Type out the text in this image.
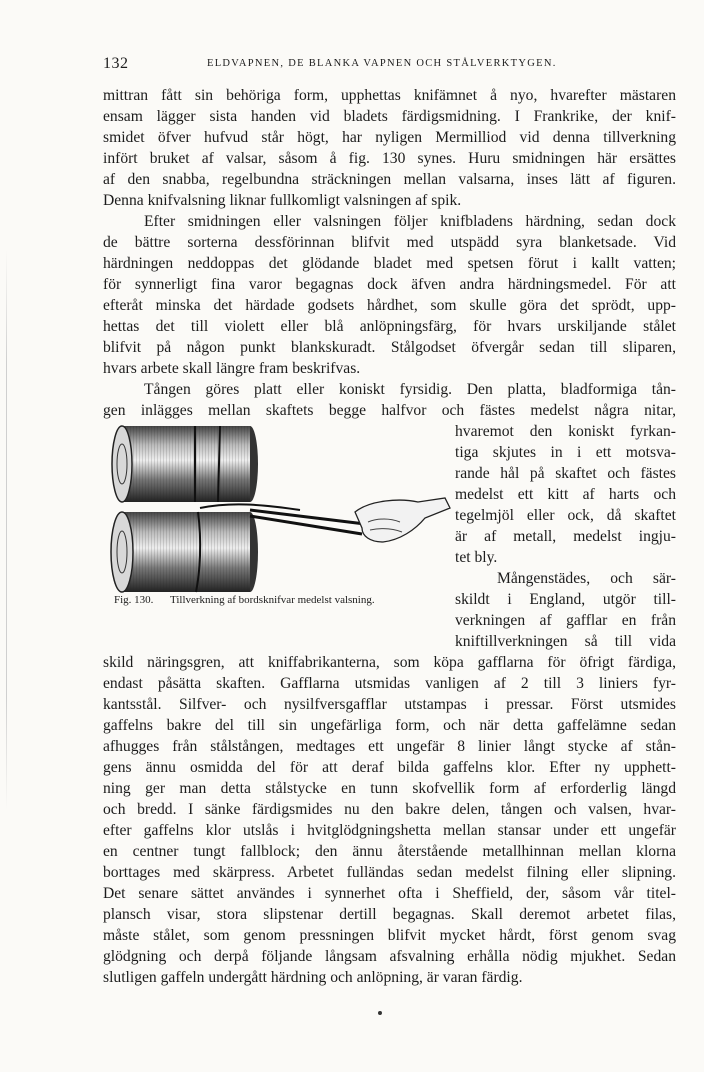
132	ELDVAPNEN, DE BLANKA VAPNEN OCH STÅLVERKTYGEN.
mittran fått sin behöriga form, upphettas knifämnet å nyo, hvarefter mästaren
ensam lägger sista handen vid bladets färdigsmidning. I Frankrike, der knif-
smidet öfver hufvud står högt, har nyligen Mermilliod vid denna tillverkning
infört bruket af valsar, såsom å fig. 130 synes. Huru smidningen här ersättes
af den snabba, regelbundna sträckningen mellan valsarna, inses lätt af figuren.
Denna knifvalsning liknar fullkomligt valsningen af spik.
Efter smidningen eller valsningen följer knifbladens härdning, sedan dock
de bättre sorterna dessförinnan blifvit med utspädd syra blanketsade. Vid
härdningen neddoppas det glödande bladet med spetsen förut i kallt vatten;
för synnerligt fina varor begagnas dock äfven andra härdningsmedel. För att
efteråt minska det härdade godsets hårdhet, som skulle göra det sprödt, upp-
hettas det till violett eller blå anlöpningsfärg, för hvars urskiljande stålet
blifvit på någon punkt blankskuradt. Stålgodset öfvergår sedan till sliparen,
hvars arbete skall längre fram beskrifvas.
Tången göres platt eller koniskt fyrsidig. Den platta, bladformiga tån-
gen inlägges mellan skaftets begge halfvor och fästes medelst några nitar,
hvaremot den koniskt fyrkan-
tiga skjutes in i ett motsva-
rande hål på skaftet och fästes
medelst ett kitt af harts och
tegelmjöl eller ock, då skaftet
är af metall, medelst ingju-
tet bly.
Mångenstädes, och sär-
skildt i England, utgör till-
verkningen af gafflar en från
kniftillverkningen så till vida
Fig. 130. Tillverkning af bordsknifvar medelst valsning.
skild näringsgren, att kniffabrikanterna, som köpa gafflarna för öfrigt färdiga,
endast påsätta skaften. Gafflarna utsmidas vanligen af 2 till 3 liniers fyr-
kantsstål. Silfver- och nysilfversgafflar utstampas i pressar. Först utsmides
gaffelns bakre del till sin ungefärliga form, och när detta gaffelämne sedan
afhugges från stålstången, medtages ett ungefär 8 linier långt stycke af stån-
gens ännu osmidda del för att deraf bilda gaffelns klor. Efter ny upphett-
ning ger man detta stålstycke en tunn skofvellik form af erforderlig längd
och bredd. I sänke färdigsmides nu den bakre delen, tången och valsen, hvar-
efter gaffelns klor utslås i hvitglödgningshetta mellan stansar under ett ungefär
en centner tungt fallblock; den ännu återstående metallhinnan mellan klorna
borttages med skärpress. Arbetet fulländas sedan medelst filning eller slipning.
Det senare sättet användes i synnerhet ofta i Sheffield, der, såsom vår titel-
plansch visar, stora slipstenar dertill begagnas. Skall deremot arbetet filas,
måste stålet, som genom pressningen blifvit mycket hårdt, först genom svag
glödgning och derpå följande långsam afsvalning erhålla nödig mjukhet. Sedan
slutligen gaffeln undergått härdning och anlöpning, är varan färdig.
